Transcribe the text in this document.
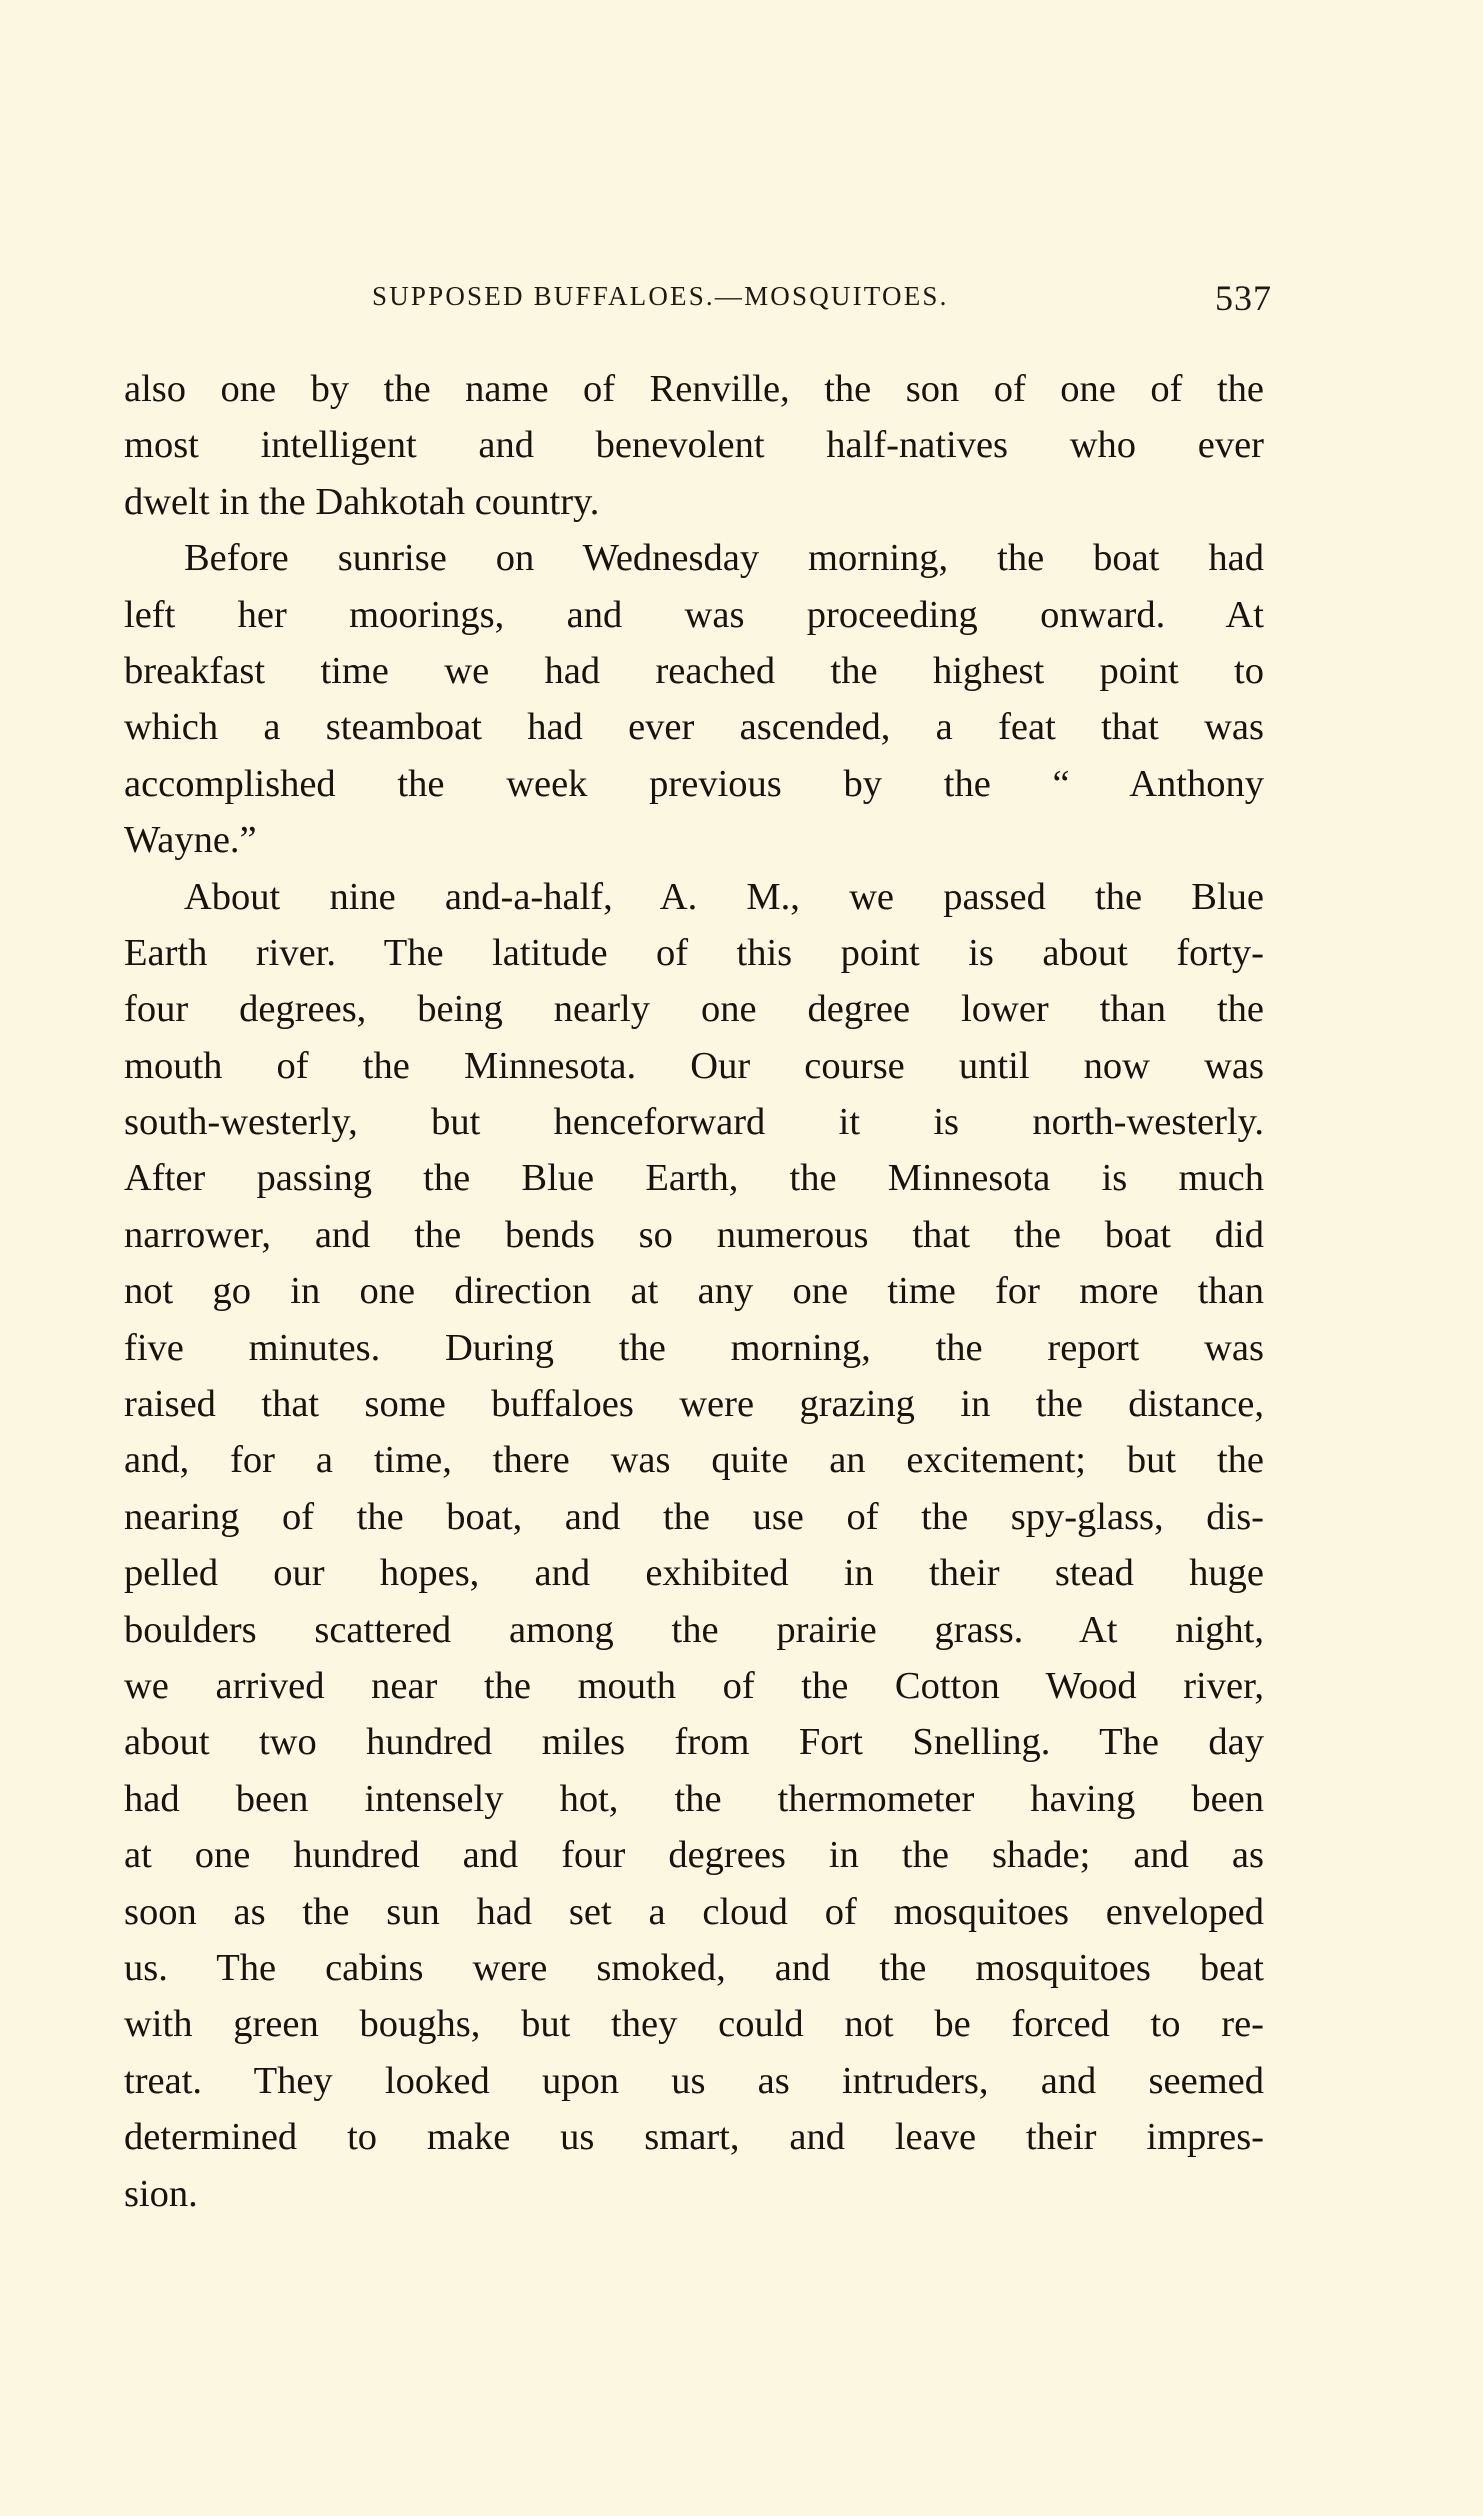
SUPPOSED BUFFALOES.—MOSQUITOES.	537
also one by the name of Renville, the son of one of the
most intelligent and benevolent half-natives who ever
dwelt in the Dahkotah country.
Before sunrise on Wednesday morning, the boat had
left her moorings, and was proceeding onward. At
breakfast time we had reached the highest point to
which a steamboat had ever ascended, a feat that was
accomplished the week previous by the “ Anthony
Wayne.”
About nine and-a-half, A. M., we passed the Blue
Earth river. The latitude of this point is about forty-
four degrees, being nearly one degree lower than the
mouth of the Minnesota. Our course until now was
south-westerly, but henceforward it is north-westerly.
After passing the Blue Earth, the Minnesota is much
narrower, and the bends so numerous that the boat did
not go in one direction at any one time for more than
five minutes. During the morning, the report was
raised that some buffaloes were grazing in the distance,
and, for a time, there was quite an excitement; but the
nearing of the boat, and the use of the spy-glass, dis-
pelled our hopes, and exhibited in their stead huge
boulders scattered among the prairie grass. At night,
we arrived near the mouth of the Cotton Wood river,
about two hundred miles from Fort Snelling. The day
had been intensely hot, the thermometer having been
at one hundred and four degrees in the shade; and as
soon as the sun had set a cloud of mosquitoes enveloped
us. The cabins were smoked, and the mosquitoes beat
with green boughs, but they could not be forced to re-
treat. They looked upon us as intruders, and seemed
determined to make us smart, and leave their impres-
sion.
